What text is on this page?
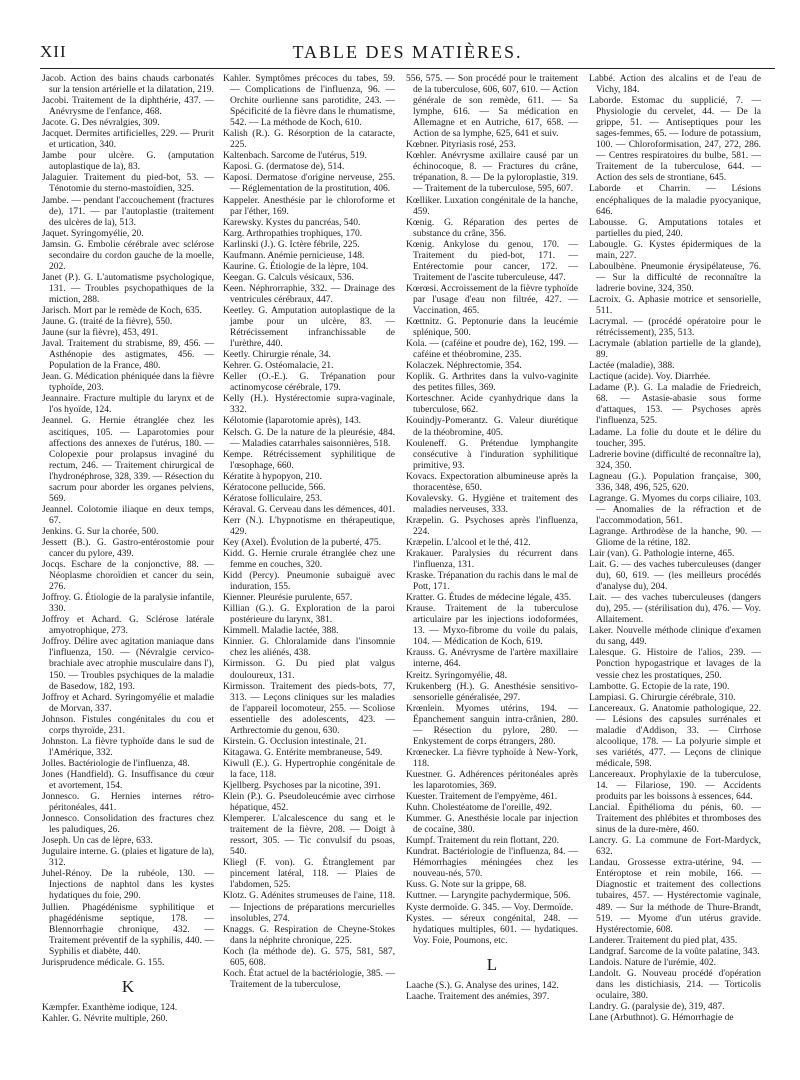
XII	TABLE DES MATIÈRES.

Jacob. Action des bains chauds carbonatés sur la tension artérielle et la dilatation, 219.

Jacobi. Traitement de la diphthérie, 437. — Anévrysme de l'enfance, 468.

Jacote. G. Des névralgies, 309.

Jacquet. Dermites artificielles, 229. — Prurit et urtication, 340.

Jambe pour ulcère. G. (amputation autoplastique de la), 83.

Jalaguier. Traitement du pied-bot, 53. — Ténotomie du sterno-mastoïdien, 325.

Jambe. — pendant l'accouchement (fractures de), 171. — par l'autoplastie (traitement des ulcères de la), 513.

Jaquet. Syringomyélie, 20.

Jamsin. G. Embolie cérébrale avec sclérose secondaire du cordon gauche de la moelle, 202.

Janet (P.). G. L'automatisme psychologique, 131. — Troubles psychopathiques de la miction, 288.

Jarisch. Mort par le remède de Koch, 635.

Jaune. G. (traité de la fièvre), 550.

Jaune (sur la fièvre), 453, 491.

Javal. Traitement du strabisme, 89, 456. — Asthénopie des astigmates, 456. — Population de la France, 480.

Jean. G. Médication phéniquée dans la fièvre typhoïde, 203.

Jeannaire. Fracture multiple du larynx et de l'os hyoïde, 124.

Jeannel. G. Hernie étranglée chez les ascitiques, 105. — Laparotomies pour affections des annexes de l'utérus, 180. — Colopexie pour prolapsus invaginé du rectum, 246. — Traitement chirurgical de l'hydronéphrose, 328, 339. — Résection du sacrum pour aborder les organes pelviens, 569.

Jeannel. Colotomie iliaque en deux temps, 67.

Jenkins. G. Sur la chorée, 500.

Jessett (B.). G. Gastro-entérostomie pour cancer du pylore, 439.

Jocqs. Eschare de la conjonctive, 88. — Néoplasme choroïdien et cancer du sein, 276.

Joffroy. G. Étiologie de la paralysie infantile, 330.

Joffroy et Achard. G. Sclérose latérale amyotrophique, 273.

Joffroy. Délire avec agitation maniaque dans l'influenza, 150. — (Névralgie cervico-brachiale avec atrophie musculaire dans l'), 150. — Troubles psychiques de la maladie de Basedow, 182, 193.

Joffroy et Achard. Syringomyélie et maladie de Morvan, 337.

Johnson. Fistules congénitales du cou et corps thyroïde, 231.

Johnston. La fièvre typhoïde dans le sud de l'Amérique, 332.

Jolles. Bactériologie de l'influenza, 48.

Jones (Handfield). G. Insuffisance du cœur et avortement, 154.

Jonnesco. G. Hernies internes rétro-péritonéales, 441.

Jonnesco. Consolidation des fractures chez les paludiques, 26.

Joseph. Un cas de lèpre, 633.

Jugulaire interne. G. (plaies et ligature de la), 312.

Juhel-Rénoy. De la rubéole, 130. — Injections de naphtol dans les kystes hydatiques du foie, 290.

Jullien. Phagédénisme syphilitique et phagédénisme septique, 178. — Blennorrhagie chronique, 432. — Traitement préventif de la syphilis, 440. — Syphilis et diabète, 440.

Jurisprudence médicale. G. 155.

K

Kæmpfer. Exanthème iodique, 124.

Kahler. G. Névrite multiple, 260.

Kahler. Symptômes précoces du tabes, 59. — Complications de l'influenza, 96. — Orchite ourlienne sans parotidite, 243. — Spécificité de la fièvre dans le rhumatisme, 542. — La méthode de Koch, 610.

Kalish (R.). G. Résorption de la cataracte, 225.

Kaltenbach. Sarcome de l'utérus, 519.

Kaposi. G. (dermatose de), 514.

Kaposi. Dermatose d'origine nerveuse, 255. — Réglementation de la prostitution, 406.

Kappeler. Anesthésie par le chloroforme et par l'éther, 169.

Karewsky. Kystes du pancréas, 540.

Karg. Arthropathies trophiques, 170.

Karlinski (J.). G. Ictère fébrile, 225.

Kaufmann. Anémie pernicieuse, 148.

Kaurine. G. Étiologie de la lèpre, 104.

Keegan. G. Calculs vésicaux, 536.

Keen. Néphrorraphie, 332. — Drainage des ventricules cérébraux, 447.

Keetley. G. Amputation autoplastique de la jambe pour un ulcère, 83. — Rétrécissement infranchissable de l'urèthre, 440.

Keetly. Chirurgie rénale, 34.

Kehrer. G. Ostéomalacie, 21.

Keller (O.-E.). G. Trépanation pour actinomycose cérébrale, 179.

Kelly (H.). Hystérectomie supra-vaginale, 332.

Kélotomie (laparotomie après), 143.

Kelsch. G. De la nature de la pleurésie, 484. — Maladies catarrhales saisonnières, 518.

Kempe. Rétrécissement syphilitique de l'œsophage, 660.

Kératite à hypopyon, 210.

Kératocone pellucide, 566.

Kératose folliculaire, 253.

Kéraval. G. Cerveau dans les démences, 401.

Kerr (N.). L'hypnotisme en thérapeutique, 429.

Key (Axel). Évolution de la puberté, 475.

Kidd. G. Hernie crurale étranglée chez une femme en couches, 320.

Kidd (Percy). Pneumonie subaiguë avec induration, 155.

Kienner. Pleurésie purulente, 657.

Killian (G.). G. Exploration de la paroi postérieure du larynx, 381.

Kimmell. Maladie lactée, 388.

Kinnier. G. Chloralamide dans l'insomnie chez les aliénés, 438.

Kirmisson. G. Du pied plat valgus douloureux, 131.

Kirmisson. Traitement des pieds-bots, 77, 313. — Leçons cliniques sur les maladies de l'appareil locomoteur, 255. — Scoliose essentielle des adolescents, 423. — Arthrectomie du genou, 630.

Kirstein. G. Occlusion intestinale, 21.

Kitagawa. G. Entérite membraneuse, 549.

Kiwull (E.). G. Hypertrophie congénitale de la face, 118.

Kjellberg. Psychoses par la nicotine, 391.

Klein (P.). G. Pseudoleucémie avec cirrhose hépatique, 452.

Klemperer. L'alcalescence du sang et le traitement de la fièvre, 208. — Doigt à ressort, 305. — Tic convulsif du psoas, 540.

Kliegl (F. von). G. Étranglement par pincement latéral, 118. — Plaies de l'abdomen, 525.

Klotz. G. Adénites strumeuses de l'aine, 118. — Injections de préparations mercurielles insolubles, 274.

Knaggs. G. Respiration de Cheyne-Stokes dans la néphrite chronique, 225.

Koch (la méthode de). G. 575, 581, 587, 605, 608.

Koch. État actuel de la bactériologie, 385. — Traitement de la tuberculose,

556, 575. — Son procédé pour le traitement de la tuberculose, 606, 607, 610. — Action générale de son remède, 611. — Sa lymphe, 616. — Sa médication en Allemagne et en Autriche, 617, 658. — Action de sa lymphe, 625, 641 et suiv.

Kœbner. Pityriasis rosé, 253.

Kœhler. Anévrysme axillaire causé par un échinocoque, 8. — Fractures du crâne, trépanation, 8. — De la pyloroplastie, 319. — Traitement de la tuberculose, 595, 607.

Kœlliker. Luxation congénitale de la hanche, 459.

Kœnig. G. Réparation des pertes de substance du crâne, 356.

Kœnig. Ankylose du genou, 170. — Traitement du pied-bot, 171. — Entérectomie pour cancer, 172. — Traitement de l'ascite tuberculeuse, 447.

Kœrœsi. Accroissement de la fièvre typhoïde par l'usage d'eau non filtrée, 427. — Vaccination, 465.

Kœttnitz. G. Peptonurie dans la leucémie splénique, 500.

Kola. — (caféine et poudre de), 162, 199. — caféine et théobromine, 235.

Kolaczek. Néphrectomie, 354.

Koplik. G. Arthrites dans la vulvo-vaginite des petites filles, 369.

Korteschner. Acide cyanhydrique dans la tuberculose, 662.

Kouindjy-Pomerantz. G. Valeur diurétique de la théobromine, 405.

Kouleneff. G. Prétendue lymphangite consécutive à l'induration syphilitique primitive, 93.

Kovacs. Expectoration albumineuse après la thoracentèse, 650.

Kovalevsky. G. Hygiène et traitement des maladies nerveuses, 333.

Kræpelin. G. Psychoses après l'influenza, 224.

Kræpelin. L'alcool et le thé, 412.

Krakauer. Paralysies du récurrent dans l'influenza, 131.

Kraske. Trépanation du rachis dans le mal de Pott, 171.

Kratter. G. Études de médecine légale, 435.

Krause. Traitement de la tuberculose articulaire par les injections iodoformées, 13. — Myxo-fibrome du voile du palais, 104. — Médication de Koch, 619.

Krauss. G. Anévrysme de l'artère maxillaire interne, 464.

Kreitz. Syringomyélie, 48.

Krukenberg (H.). G. Anesthésie sensitivo-sensorielle généralisée, 297.

Krœnlein. Myomes utérins, 194. — Épanchement sanguin intra-crânien, 280. — Résection du pylore, 280. — Enkystement de corps étrangers, 280.

Krœnecker. La fièvre typhoïde à New-York, 118.

Kuestner. G. Adhérences péritonéales après les laparotomies, 369.

Kuester. Traitement de l'empyème, 461.

Kuhn. Cholestéatome de l'oreille, 492.

Kummer. G. Anesthésie locale par injection de cocaïne, 380.

Kumpf. Traitement du rein flottant, 220.

Kundrat. Bactériologie de l'influenza, 84. — Hémorrhagies méningées chez les nouveau-nés, 570.

Kuss. G. Note sur la grippe, 68.

Kuttner. — Laryngite pachydermique, 506.

Kyste dermoïde. G. 345. — Voy. Dermoïde.

Kystes. — séreux congénital, 248. — hydatiques multiples, 601. — hydatiques. Voy. Foie, Poumons, etc.

L

Laache (S.). G. Analyse des urines, 142.

Laache. Traitement des anémies, 397.

Labbé. Action des alcalins et de l'eau de Vichy, 184.

Laborde. Estomac du supplicié, 7. — Physiologie du cervelet, 44. — De la grippe, 51. — Antiseptiques pour les sages-femmes, 65. — Iodure de potassium, 100. — Chloroformisation, 247, 272, 286. — Centres respiratoires du bulbe, 581. — Traitement de la tuberculose, 644. — Action des sels de strontiane, 645.

Laborde et Charrin. — Lésions encéphaliques de la maladie pyocyanique, 646.

Labousse. G. Amputations totales et partielles du pied, 240.

Labougle. G. Kystes épidermiques de la main, 227.

Laboulbène. Pneumonie érysipélateuse, 76. — Sur la difficulté de reconnaître la ladrerie bovine, 324, 350.

Lacroix. G. Aphasie motrice et sensorielle, 511.

Lacrymal. — (procédé opératoire pour le rétrécissement), 235, 513.

Lacrymale (ablation partielle de la glande), 89.

Lactée (maladie), 388.

Lactique (acide). Voy. Diarrhée.

Ladame (P.). G. La maladie de Friedreich, 68. — Astasie-abasie sous forme d'attaques, 153. — Psychoses après l'influenza, 525.

Ladame. La folie du doute et le délire du toucher, 395.

Ladrerie bovine (difficulté de reconnaître la), 324, 350.

Lagneau (G.). Population française, 300, 336, 348, 496, 525, 620.

Lagrange. G. Myomes du corps ciliaire, 103. — Anomalies de la réfraction et de l'accommodation, 561.

Lagrange. Arthrodèse de la hanche, 90. — Gliome de la rétine, 182.

Lair (van). G. Pathologie interne, 465.

Lait. G. — des vaches tuberculeuses (danger du), 60, 619. — (les meilleurs procédés d'analyse du), 204.

Lait. — des vaches tuberculeuses (dangers du), 295. — (stérilisation du), 476. — Voy. Allaitement.

Laker. Nouvelle méthode clinique d'examen du sang, 449.

Lalesque. G. Histoire de l'alios, 239. — Ponction hypogastrique et lavages de la vessie chez les prostatiques, 250.

Lambotte. G. Ectopie de la rate, 190.

Lampiasi. G. Chirurgie cérébrale, 310.

Lancereaux. G. Anatomie pathologique, 22. — Lésions des capsules surrénales et maladie d'Addison, 33. — Cirrhose alcoolique, 178. — La polyurie simple et ses variétés, 477. — Leçons de clinique médicale, 598.

Lancereaux. Prophylaxie de la tuberculose, 14. — Filariose, 190. — Accidents produits par les boissons à essences, 644.

Lancial. Épithélioma du pénis, 60. — Traitement des phlébites et thromboses des sinus de la dure-mère, 460.

Lancry. G. La commune de Fort-Mardyck, 632.

Landau. Grossesse extra-utérine, 94. — Entéroptose et rein mobile, 166. — Diagnostic et traitement des collections tubaires, 457. — Hystérectomie vaginale, 489. — Sur la méthode de Thure-Brandt, 519. — Myome d'un utérus gravide. Hystérectomie, 608.

Landerer. Traitement du pied plat, 435.

Landgraf. Sarcome de la voûte palatine, 343.

Landois. Nature de l'urémie, 402.

Landolt. G. Nouveau procédé d'opération dans les distichiasis, 214. — Torticolis oculaire, 380.

Landry. G. (paralysie de), 319, 487.

Lane (Arbuthnot). G. Hémorrhagie de
